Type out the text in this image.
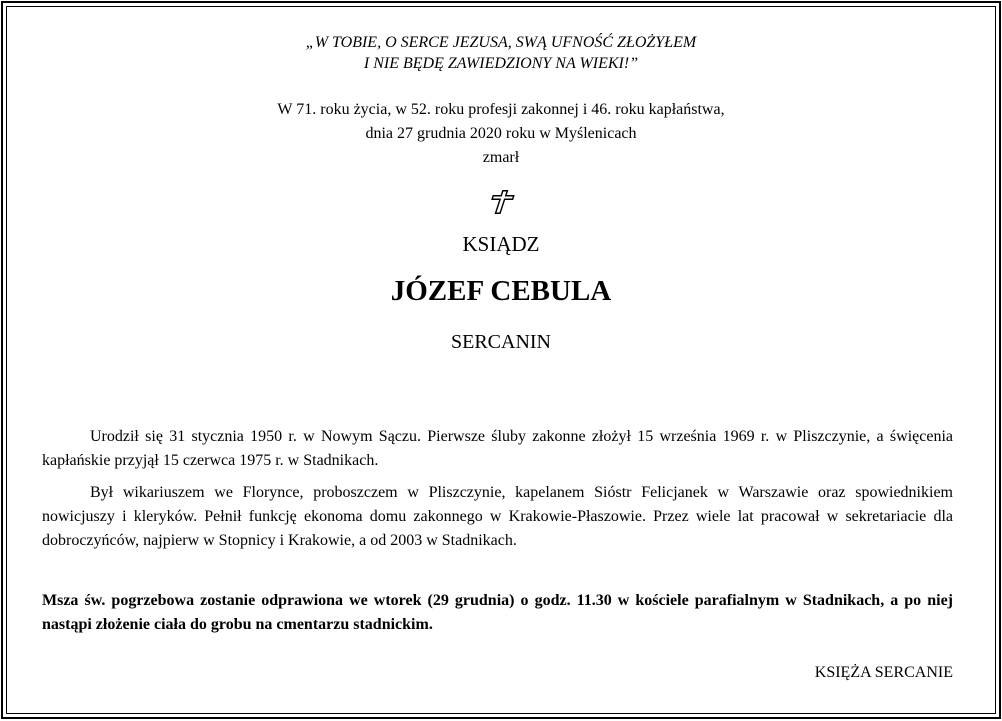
„W TOBIE, O SERCE JEZUSA, SWĄ UFNOŚĆ ZŁOŻYŁEM
I NIE BĘDĘ ZAWIEDZIONY NA WIEKI!”
W 71. roku życia, w 52. roku profesji zakonnej i 46. roku kapłaństwa,
dnia 27 grudnia 2020 roku w Myślenicach
zmarł
KSIĄDZ
JÓZEF CEBULA
SERCANIN
Urodził się 31 stycznia 1950 r. w Nowym Sączu. Pierwsze śluby zakonne złożył 15 września 1969 r. w Pliszczynie, a święcenia kapłańskie przyjął 15 czerwca 1975 r. w Stadnikach.
Był wikariuszem we Florynce, proboszczem w Pliszczynie, kapelanem Sióstr Felicjanek w Warszawie oraz spowiednikiem nowicjuszy i kleryków. Pełnił funkcję ekonoma domu zakonnego w Krakowie-Płaszowie. Przez wiele lat pracował w sekretariacie dla dobroczyńców, najpierw w Stopnicy i Krakowie, a od 2003 w Stadnikach.
Msza św. pogrzebowa zostanie odprawiona we wtorek (29 grudnia) o godz. 11.30 w kościele parafialnym w Stadnikach, a po niej nastąpi złożenie ciała do grobu na cmentarzu stadnickim.
KSIĘŻA SERCANIE
